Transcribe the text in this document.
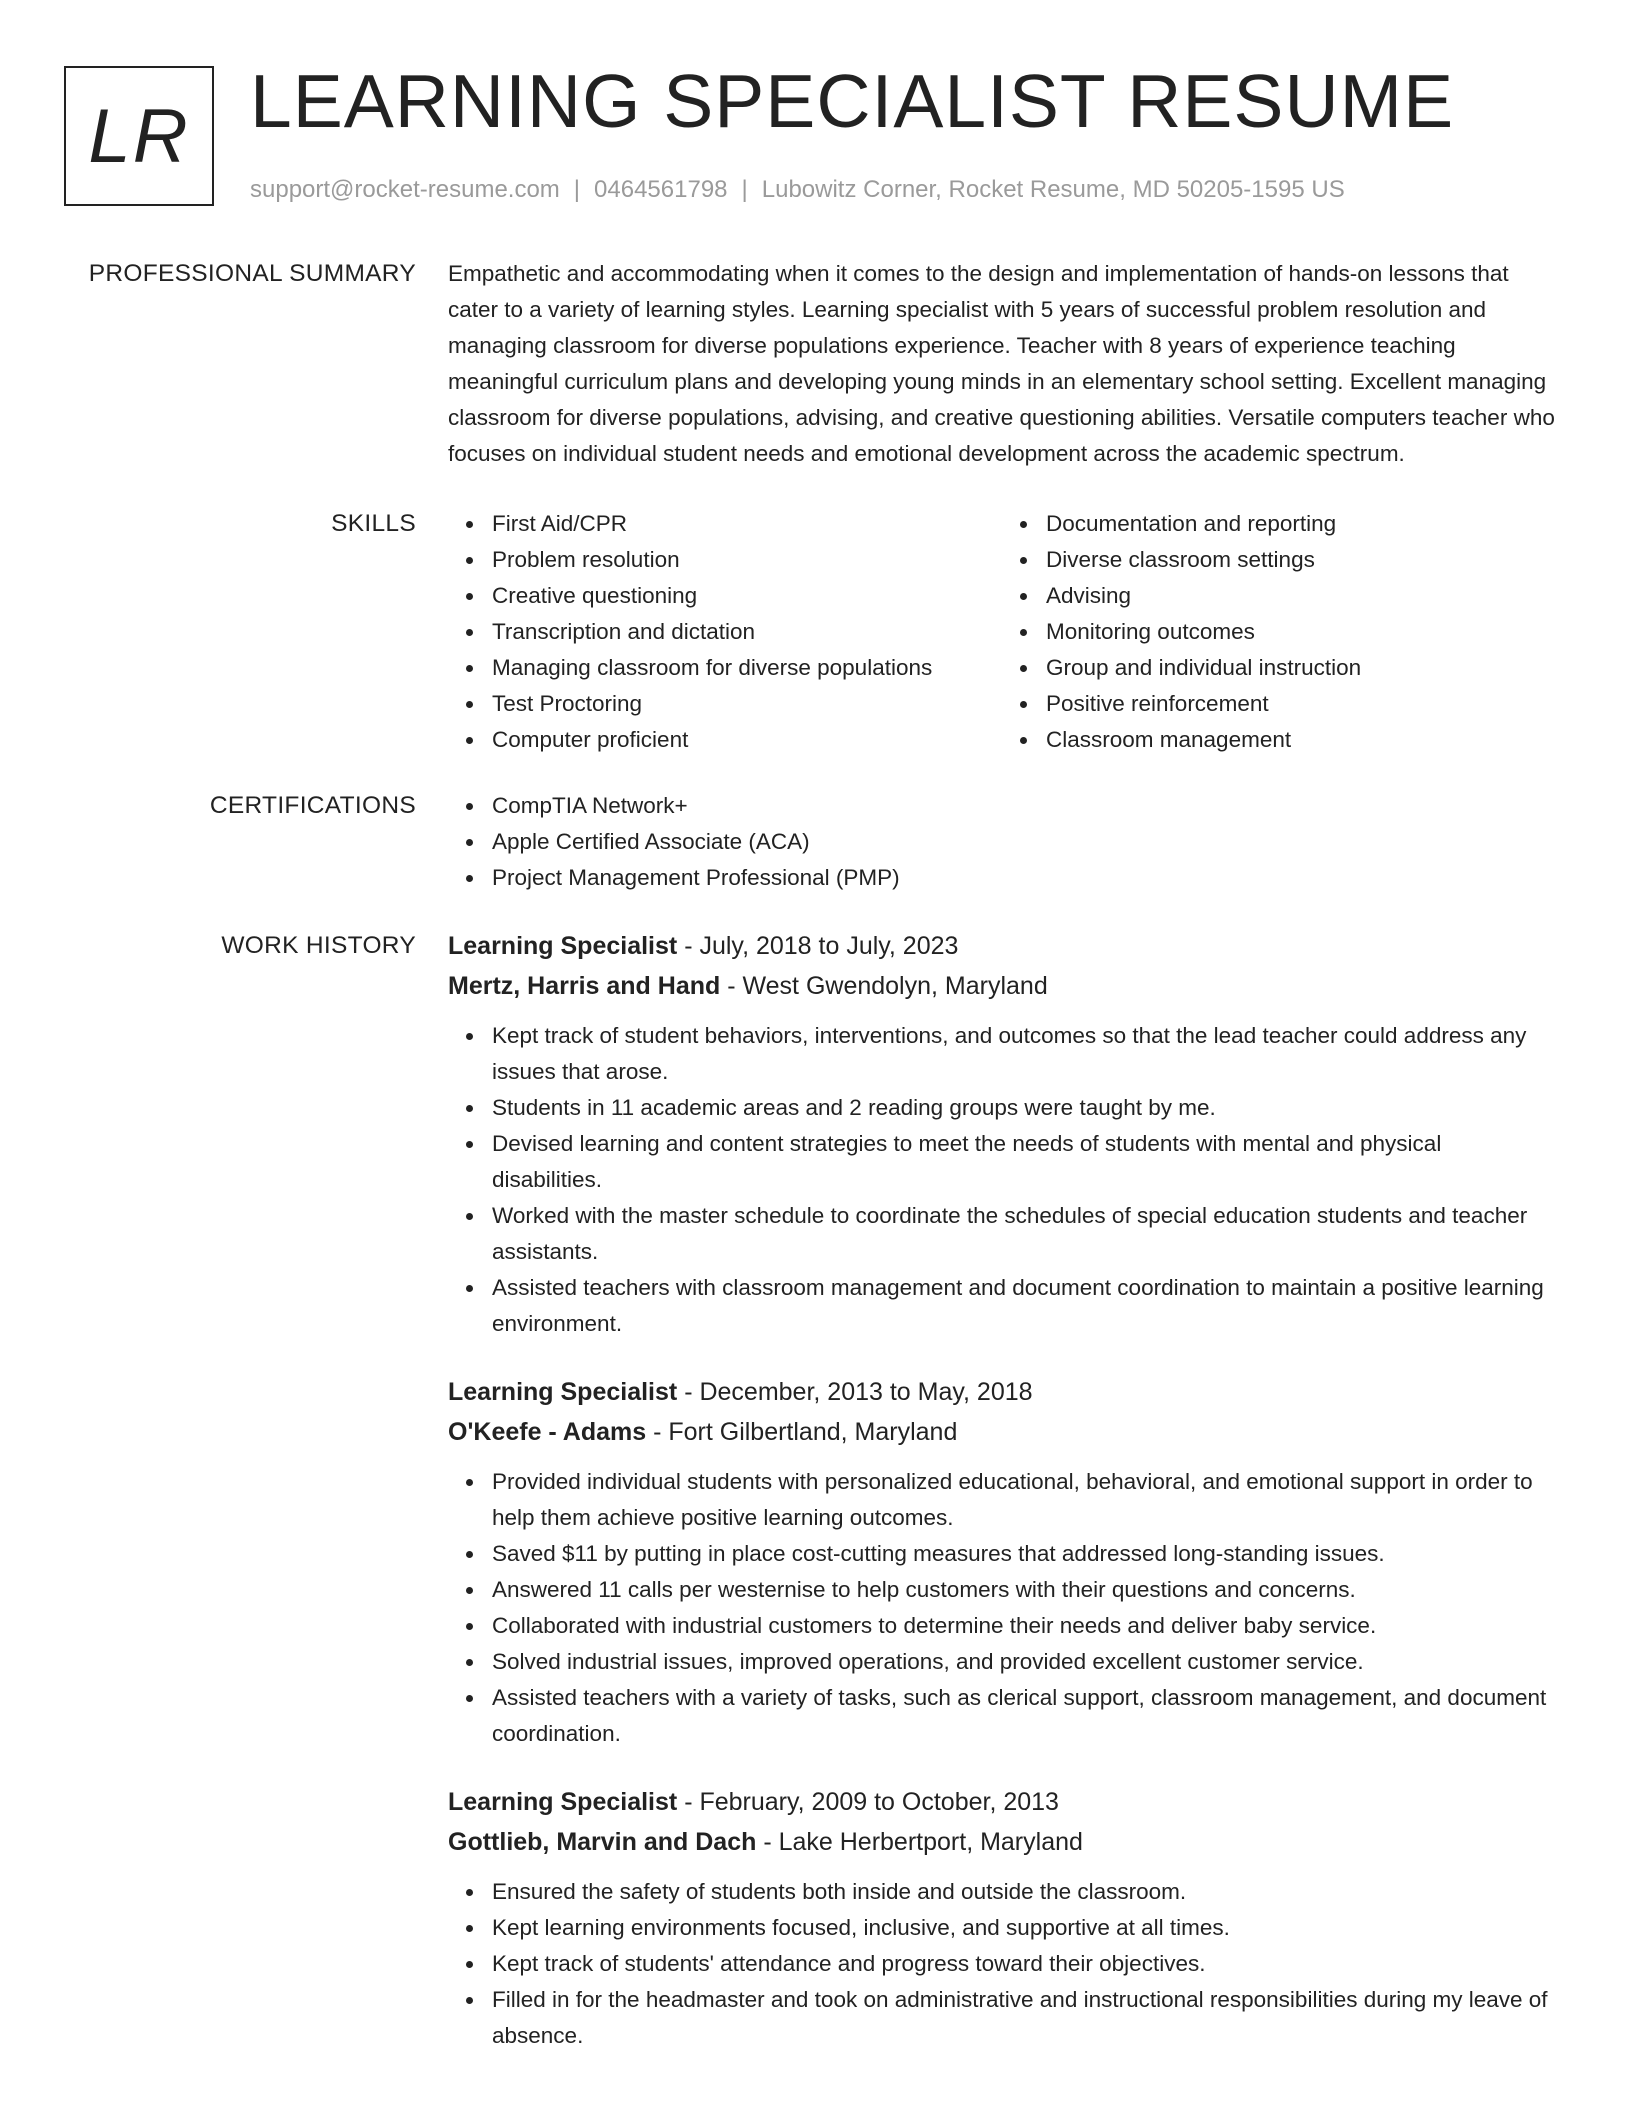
LR LEARNING SPECIALIST RESUME
support@rocket-resume.com | 0464561798 | Lubowitz Corner, Rocket Resume, MD 50205-1595 US
PROFESSIONAL SUMMARY Empathetic and accommodating when it comes to the design and implementation of hands-on lessons that cater to a variety of learning styles. Learning specialist with 5 years of successful problem resolution and managing classroom for diverse populations experience. Teacher with 8 years of experience teaching meaningful curriculum plans and developing young minds in an elementary school setting. Excellent managing classroom for diverse populations, advising, and creative questioning abilities. Versatile computers teacher who focuses on individual student needs and emotional development across the academic spectrum.

SKILLS	First Aid/CPR
Problem resolution
Creative questioning
Transcription and dictation
Managing classroom for diverse populations
Test Proctoring
Computer proficient
Documentation and reporting
Diverse classroom settings
Advising
Monitoring outcomes
Group and individual instruction
Positive reinforcement
Classroom management
CERTIFICATIONS	CompTIA Network+
Apple Certified Associate (ACA)
Project Management Professional (PMP)
WORK HISTORY Learning Specialist - July, 2018 to July, 2023

Mertz, Harris and Hand - West Gwendolyn, Maryland

Kept track of student behaviors, interventions, and outcomes so that the lead teacher could address any issues that arose.
Students in 11 academic areas and 2 reading groups were taught by me.
Devised learning and content strategies to meet the needs of students with mental and physical disabilities.
Worked with the master schedule to coordinate the schedules of special education students and teacher assistants.
Assisted teachers with classroom management and document coordination to maintain a positive learning environment.

Learning Specialist - December, 2013 to May, 2018

O'Keefe - Adams - Fort Gilbertland, Maryland

Provided individual students with personalized educational, behavioral, and emotional support in order to help them achieve positive learning outcomes.
Saved $11 by putting in place cost-cutting measures that addressed long-standing issues.
Answered 11 calls per westernise to help customers with their questions and concerns.
Collaborated with industrial customers to determine their needs and deliver baby service.
Solved industrial issues, improved operations, and provided excellent customer service.
Assisted teachers with a variety of tasks, such as clerical support, classroom management, and document coordination.

Learning Specialist - February, 2009 to October, 2013

Gottlieb, Marvin and Dach - Lake Herbertport, Maryland

Ensured the safety of students both inside and outside the classroom.
Kept learning environments focused, inclusive, and supportive at all times.
Kept track of students' attendance and progress toward their objectives.
Filled in for the headmaster and took on administrative and instructional responsibilities during my leave of absence.
